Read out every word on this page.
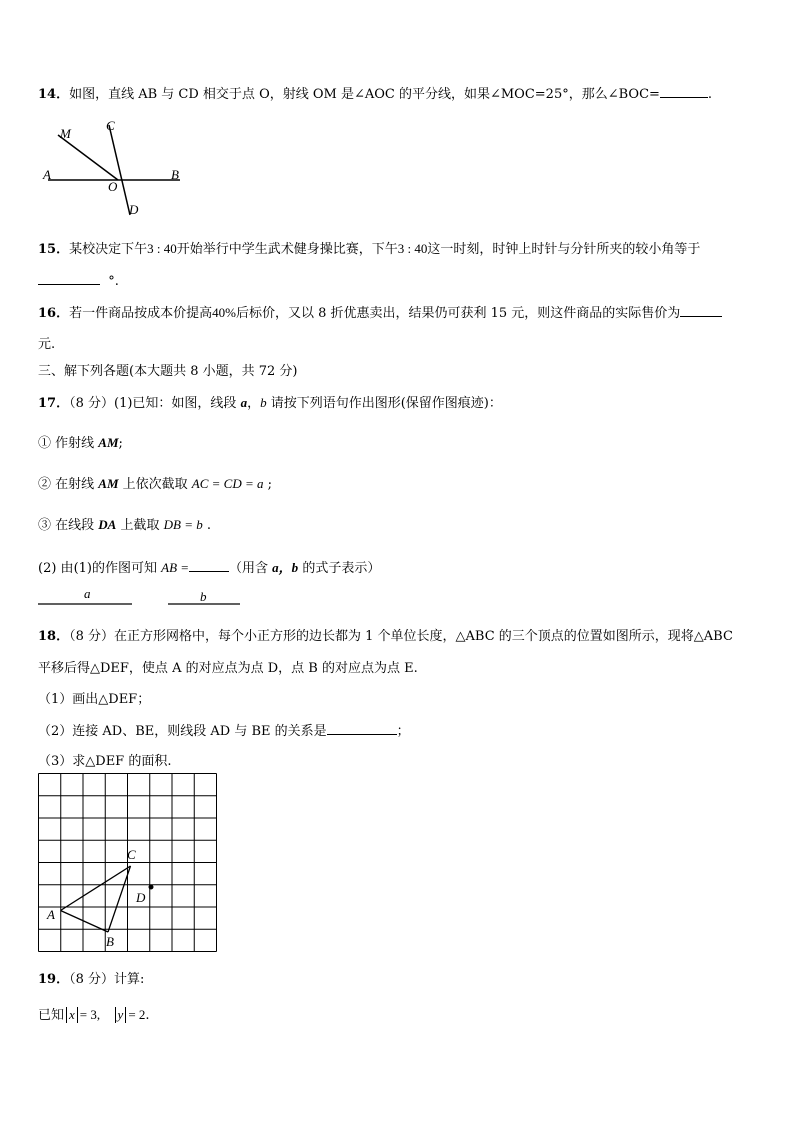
14．如图，直线 AB 与 CD 相交于点 O，射线 OM 是∠AOC 的平分线，如果∠MOC=25°，那么∠BOC=	.
M
C
A
O
B
D
15．某校决定下午3 : 40开始举行中学生武术健身操比赛，下午3 : 40这一时刻，时钟上时针与分针所夹的较小角等于
°.
16．若一件商品按成本价提高40%后标价，又以 8 折优惠卖出，结果仍可获利 15 元，则这件商品的实际售价为
元.
三、解下列各题(本大题共 8 小题，共 72 分)
17．（8 分）(1)已知：如图，线段 a，b 请按下列语句作出图形(保留作图痕迹)：
① 作射线 AM;
② 在射线 AM 上依次截取 AC = CD = a ;
③ 在线段 DA 上截取 DB = b .
(2) 由(1)的作图可知 AB =	（用含 a，b 的式子表示）
a	b
18．（8 分）在正方形网格中，每个小正方形的边长都为 1 个单位长度，△ABC 的三个顶点的位置如图所示，现将△ABC
平移后得△DEF，使点 A 的对应点为点 D，点 B 的对应点为点 E.
（1）画出△DEF；
（2）连接 AD、BE，则线段 AD 与 BE 的关系是	；
（3）求△DEF 的面积.
A
B
C
D
19．（8 分）计算:
已知 x = 3, y = 2.
